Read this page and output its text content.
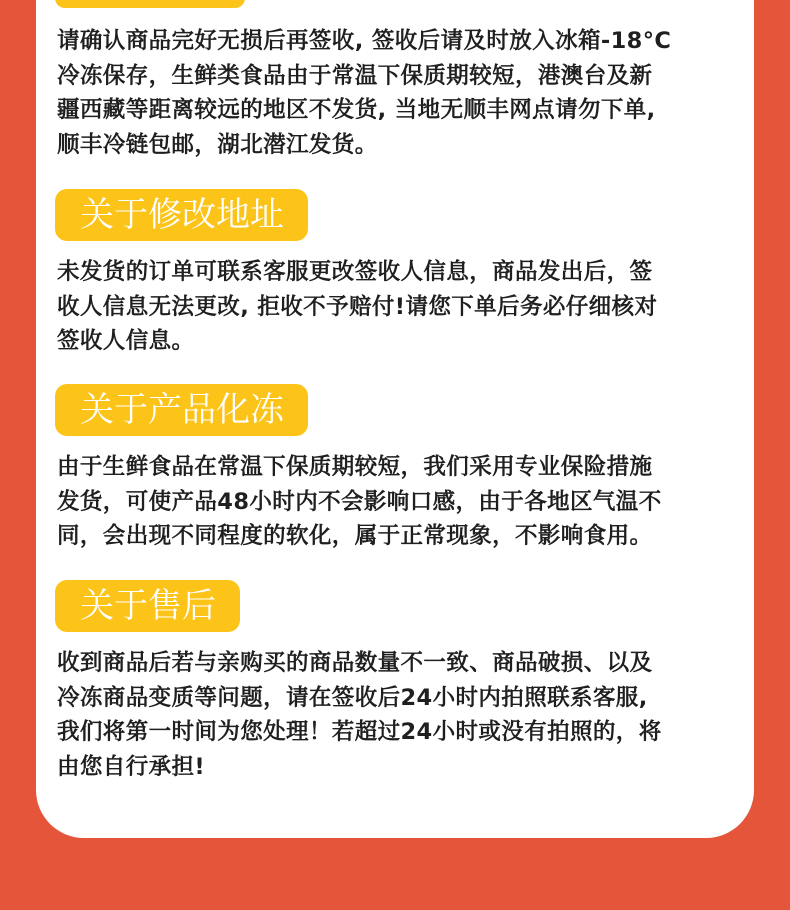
请确认商品完好无损后再签收, 签收后请及时放入冰箱-18°C
冷冻保存，生鲜类食品由于常温下保质期较短，港澳台及新
疆西藏等距离较远的地区不发货, 当地无顺丰网点请勿下单,
顺丰冷链包邮，湖北潜江发货。

关于修改地址

未发货的订单可联系客服更改签收人信息，商品发出后，签
收人信息无法更改, 拒收不予赔付!请您下单后务必仔细核对
签收人信息。

关于产品化冻

由于生鲜食品在常温下保质期较短，我们采用专业保险措施
发货，可使产品48小时内不会影响口感，由于各地区气温不
同，会出现不同程度的软化，属于正常现象，不影响食用。

关于售后

收到商品后若与亲购买的商品数量不一致、商品破损、以及
冷冻商品变质等问题，请在签收后24小时内拍照联系客服,
我们将第一时间为您处理！若超过24小时或没有拍照的，将
由您自行承担!
